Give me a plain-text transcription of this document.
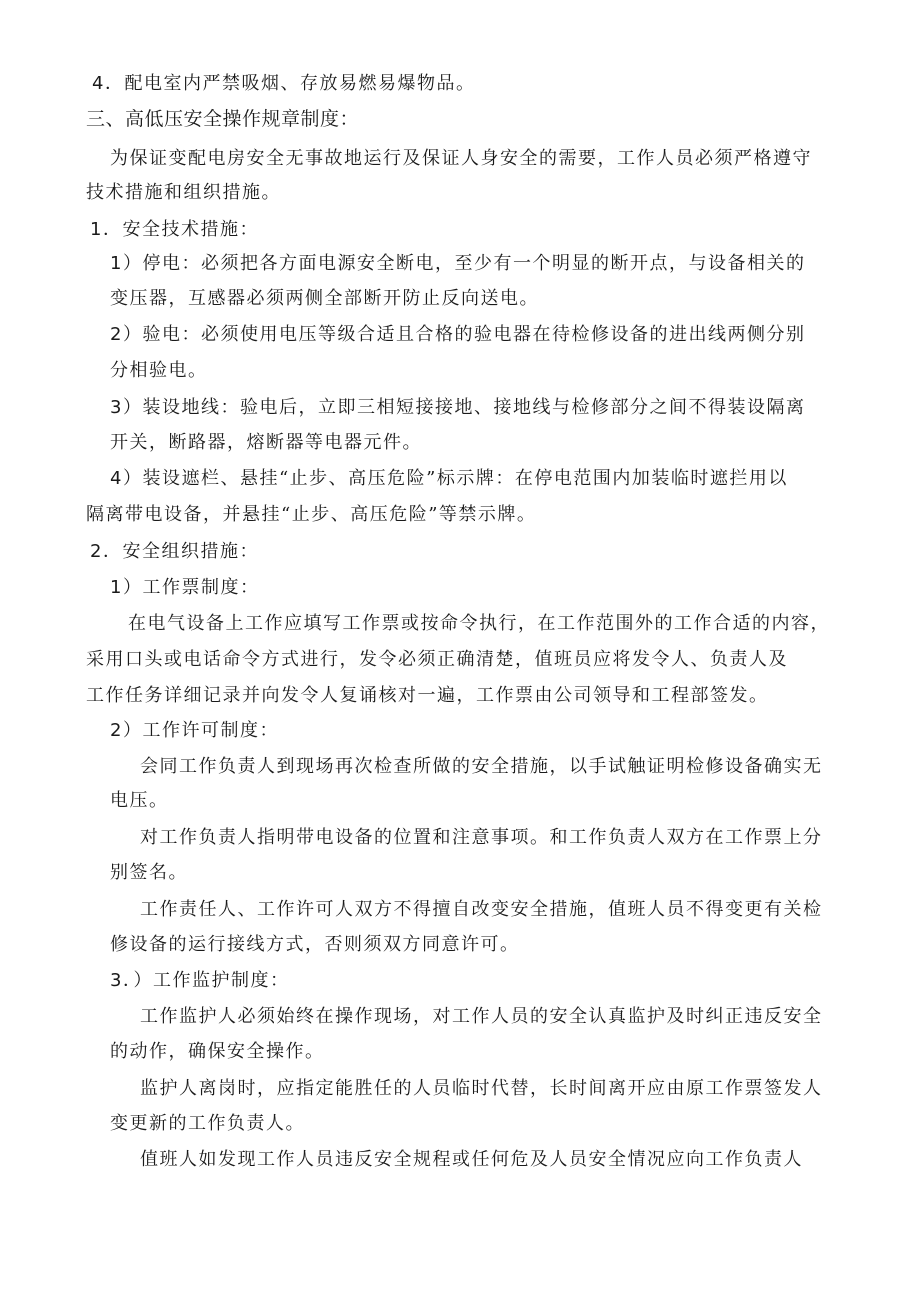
4．配电室内严禁吸烟、存放易燃易爆物品。
三、高低压安全操作规章制度：
为保证变配电房安全无事故地运行及保证人身安全的需要，工作人员必须严格遵守
技术措施和组织措施。
1．安全技术措施：
1）停电：必须把各方面电源安全断电，至少有一个明显的断开点，与设备相关的
变压器，互感器必须两侧全部断开防止反向送电。
2）验电：必须使用电压等级合适且合格的验电器在待检修设备的进出线两侧分别
分相验电。
3）装设地线：验电后，立即三相短接接地、接地线与检修部分之间不得装设隔离
开关，断路器，熔断器等电器元件。
4）装设遮栏、悬挂“止步、高压危险”标示牌：在停电范围内加装临时遮拦用以
隔离带电设备，并悬挂“止步、高压危险”等禁示牌。
2．安全组织措施：
1）工作票制度：
在电气设备上工作应填写工作票或按命令执行，在工作范围外的工作合适的内容，
采用口头或电话命令方式进行，发令必须正确清楚，值班员应将发令人、负责人及
工作任务详细记录并向发令人复诵核对一遍，工作票由公司领导和工程部签发。
2）工作许可制度：
会同工作负责人到现场再次检查所做的安全措施，以手试触证明检修设备确实无
电压。
对工作负责人指明带电设备的位置和注意事项。和工作负责人双方在工作票上分
别签名。
工作责任人、工作许可人双方不得擅自改变安全措施，值班人员不得变更有关检
修设备的运行接线方式，否则须双方同意许可。
3．）工作监护制度：
工作监护人必须始终在操作现场，对工作人员的安全认真监护及时纠正违反安全
的动作，确保安全操作。
监护人离岗时，应指定能胜任的人员临时代替，长时间离开应由原工作票签发人
变更新的工作负责人。
值班人如发现工作人员违反安全规程或任何危及人员安全情况应向工作负责人
